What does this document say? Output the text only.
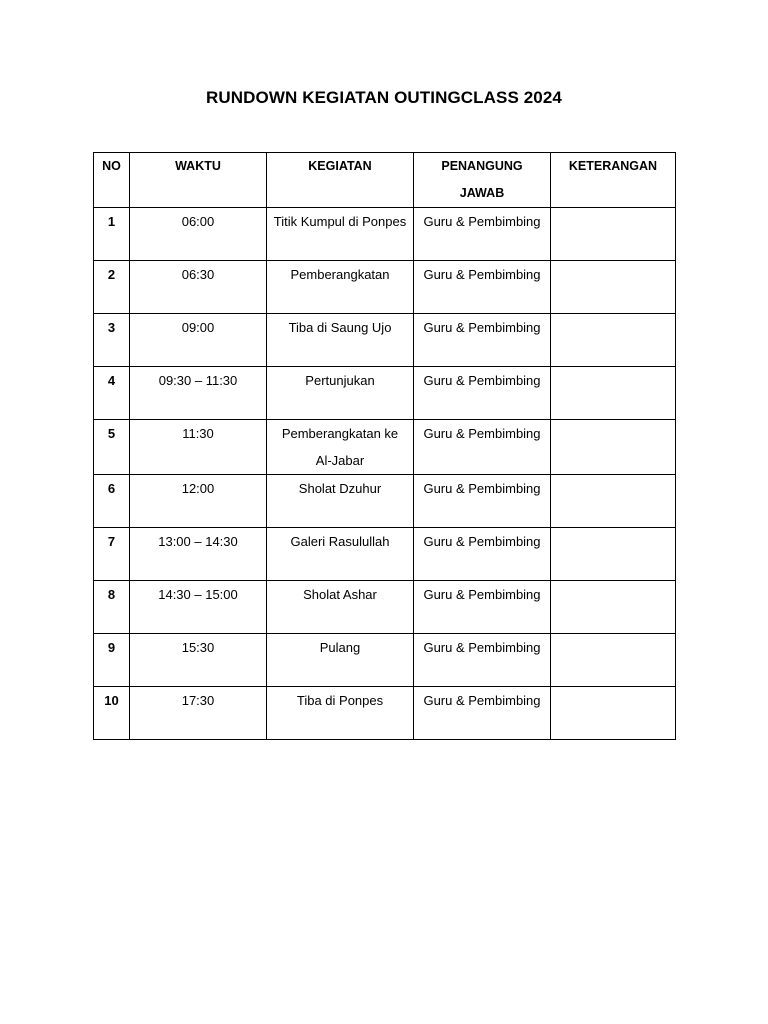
RUNDOWN KEGIATAN OUTINGCLASS 2024
NO	WAKTU	KEGIATAN	PENANGUNG JAWAB	KETERANGAN

1	06:00	Titik Kumpul di Ponpes	Guru & Pembimbing	

2	06:30	Pemberangkatan	Guru & Pembimbing	

3	09:00	Tiba di Saung Ujo	Guru & Pembimbing	

4	09:30 – 11:30	Pertunjukan	Guru & Pembimbing	

5	11:30	Pemberangkatan ke Al-Jabar	Guru & Pembimbing	

6	12:00	Sholat Dzuhur	Guru & Pembimbing	

7	13:00 – 14:30	Galeri Rasulullah	Guru & Pembimbing	

8	14:30 – 15:00	Sholat Ashar	Guru & Pembimbing	

9	15:30	Pulang	Guru & Pembimbing	

10	17:30	Tiba di Ponpes	Guru & Pembimbing	
